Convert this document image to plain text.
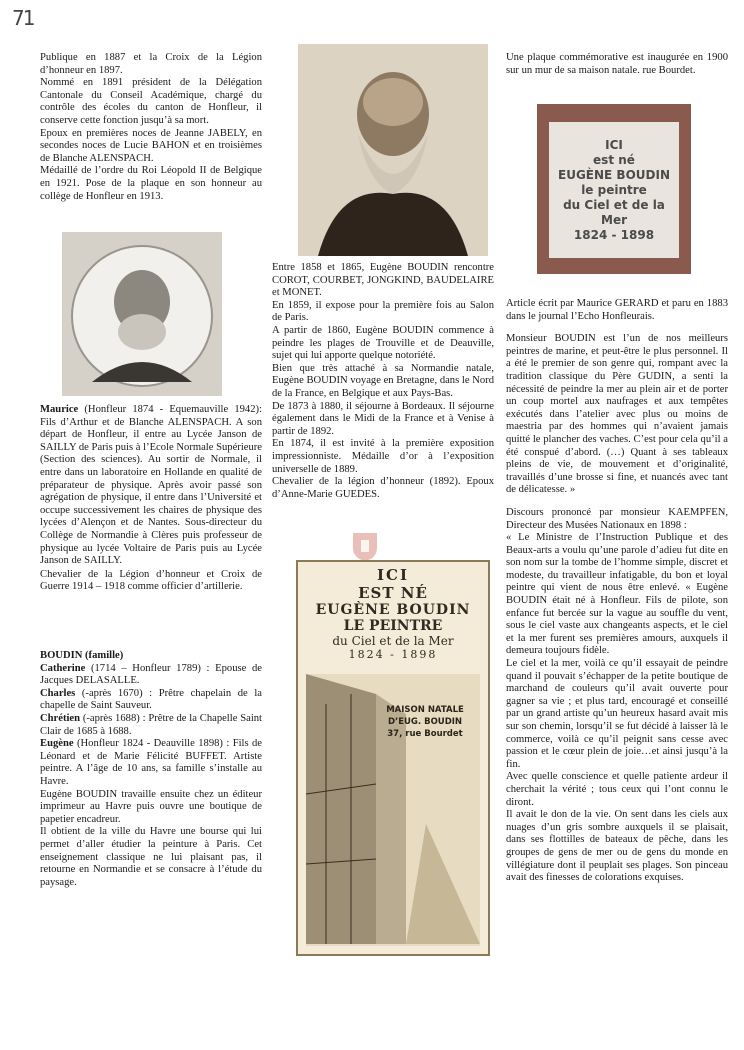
71

Publique en 1887 et la Croix de la Légion d’honneur en 1897.

Nommé en 1891 président de la Délégation Cantonale du Conseil Académique, chargé du contrôle des écoles du canton de Honfleur, il conserve cette fonction jusqu’à sa mort.

Epoux en premières noces de Jeanne JABELY, en secondes noces de Lucie BAHON et en troisièmes de Blanche ALENSPACH.

Médaillé de l’ordre du Roi Léopold II de Belgique en 1921. Pose de la plaque en son honneur au collège de Honfleur en 1913.

Maurice (Honfleur 1874 - Equemauville 1942): Fils d’Arthur et de Blanche ALENSPACH. A son départ de Honfleur, il entre au Lycée Janson de SAILLY de Paris puis à l’Ecole Normale Supérieure (Section des sciences). Au sortir de Normale, il entre dans un laboratoire en Hollande en qualité de préparateur de physique. Après avoir passé son agrégation de physique, il entre dans l’Université et occupe successivement les chaires de physique des lycées d’Alençon et de Nantes. Sous-directeur du Collège de Normandie à Clères puis professeur de physique au lycée Voltaire de Paris puis au Lycée Janson de SAILLY.

Chevalier de la Légion d’honneur et Croix de Guerre 1914 – 1918 comme officier d’artillerie.

BOUDIN (famille)

Catherine (1714 – Honfleur 1789) : Epouse de Jacques DELASALLE.

Charles (-après 1670) : Prêtre chapelain de la chapelle de Saint Sauveur.

Chrétien (-après 1688) : Prêtre de la Chapelle Saint Clair de 1685 à 1688.

Eugène (Honfleur 1824 - Deauville 1898) : Fils de Léonard et de Marie Félicité BUFFET. Artiste peintre. A l’âge de 10 ans, sa famille s’installe au Havre.

Eugène BOUDIN travaille ensuite chez un éditeur imprimeur au Havre puis ouvre une boutique de papetier encadreur.

Il obtient de la ville du Havre une bourse qui lui permet d’aller étudier la peinture à Paris. Cet enseignement classique ne lui plaisant pas, il retourne en Normandie et se consacre à l’étude du paysage.

Entre 1858 et 1865, Eugène BOUDIN rencontre COROT, COURBET, JONGKIND, BAUDELAIRE et MONET.

En 1859, il expose pour la première fois au Salon de Paris.

A partir de 1860, Eugène BOUDIN commence à peindre les plages de Trouville et de Deauville, sujet qui lui apporte quelque notoriété.

Bien que très attaché à sa Normandie natale, Eugène BOUDIN voyage en Bretagne, dans le Nord de la France, en Belgique et aux Pays-Bas.

De 1873 à 1880, il séjourne à Bordeaux. Il séjourne également dans le Midi de la France et à Venise à partir de 1892.

En 1874, il est invité à la première exposition impressionniste. Médaille d’or à l’exposition universelle de 1889.

Chevalier de la légion d’honneur (1892). Epoux d’Anne-Marie GUEDES.

ICI
EST NÉ
EUGÈNE BOUDIN
LE PEINTRE
du Ciel et de la Mer
1824 - 1898
MAISON NATALE
D’EUG. BOUDIN
37, rue Bourdet

Une plaque commémorative est inaugurée en 1900 sur un mur de sa maison natale. rue Bourdet.

ICI
est né
EUGÈNE BOUDIN
le peintre
du Ciel et de la Mer
1824 - 1898

Article écrit par Maurice GERARD et paru en 1883 dans le journal l’Echo Honfleurais.

Monsieur BOUDIN est l’un de nos meilleurs peintres de marine, et peut-être le plus personnel. Il a été le premier de son genre qui, rompant avec la tradition classique du Père GUDIN, a senti la nécessité de peindre la mer au plein air et de porter un coup mortel aux naufrages et aux tempêtes exécutés dans l’atelier avec plus ou moins de maestria par des hommes qui n’avaient jamais quitté le plancher des vaches. C’est pour cela qu’il a été conspué d’abord. (…) Quant à ses tableaux pleins de vie, de mouvement et d’originalité, travaillés d’une brosse si fine, et nuancés avec tant de délicatesse. »

Discours prononcé par monsieur KAEMPFEN, Directeur des Musées Nationaux en 1898 :

« Le Ministre de l’Instruction Publique et des Beaux-arts a voulu qu’une parole d’adieu fut dite en son nom sur la tombe de l’homme simple, discret et modeste, du travailleur infatigable, du bon et loyal peintre qui vient de nous être enlevé. « Eugène BOUDIN était né à Honfleur. Fils de pilote, son enfance fut bercée sur la vague au souffle du vent, sous le ciel vaste aux changeants aspects, et le ciel et la mer furent ses premières amours, auxquels il demeura toujours fidèle.

Le ciel et la mer, voilà ce qu’il essayait de peindre quand il pouvait s’échapper de la petite boutique de marchand de couleurs qu’il avait ouverte pour gagner sa vie ; et plus tard, encouragé et conseillé par un grand artiste qu’un heureux hasard avait mis sur son chemin, lorsqu’il se fut décidé à laisser là le commerce, voilà ce qu’il peignit sans cesse avec passion et le cœur plein de joie…et ainsi jusqu’à la fin.

Avec quelle conscience et quelle patiente ardeur il cherchait la vérité ; tous ceux qui l’ont connu le diront.

Il avait le don de la vie. On sent dans les ciels aux nuages d’un gris sombre auxquels il se plaisait, dans ses flottilles de bateaux de pêche, dans les groupes de gens de mer ou de gens du monde en villégiature dont il peuplait ses plages. Son pinceau avait des finesses de colorations exquises.
